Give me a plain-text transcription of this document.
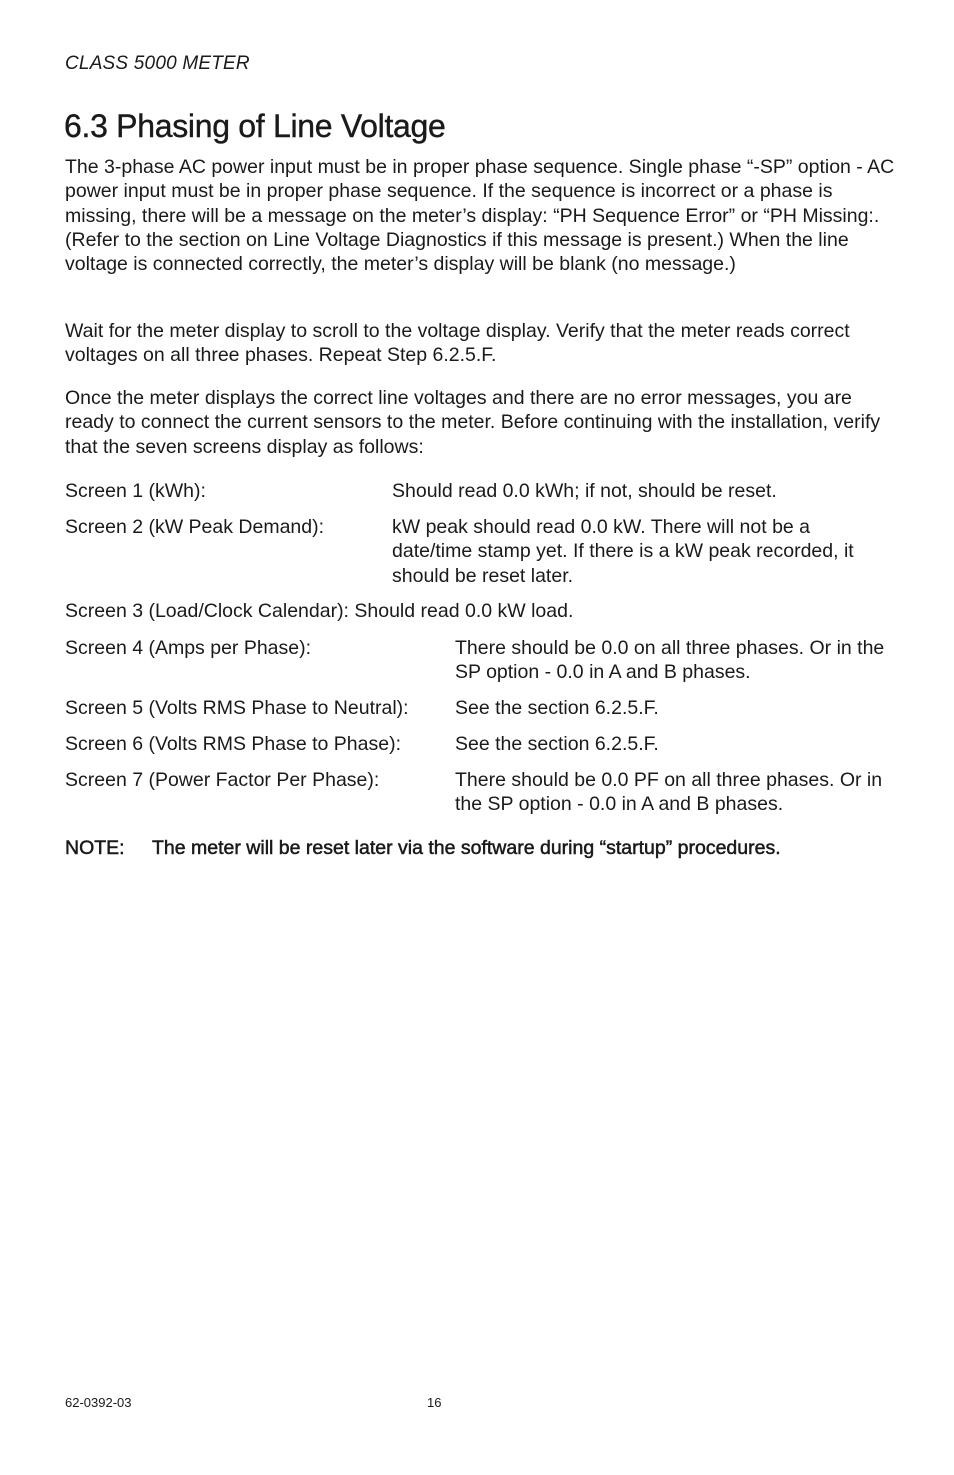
CLASS 5000 METER
6.3 Phasing of Line Voltage

The 3-phase AC power input must be in proper phase sequence. Single phase “-SP” option - AC power input must be in proper phase sequence. If the sequence is incorrect or a phase is missing, there will be a message on the meter’s display: “PH Sequence Error” or “PH Missing:. (Refer to the section on Line Voltage Diagnostics if this message is present.) When the line voltage is connected correctly, the meter’s display will be blank (no message.)

Wait for the meter display to scroll to the voltage display. Verify that the meter reads correct voltages on all three phases. Repeat Step 6.2.5.F.

Once the meter displays the correct line voltages and there are no error messages, you are ready to connect the current sensors to the meter. Before continuing with the installation, verify that the seven screens display as follows:

Screen 1 (kWh):	Should read 0.0 kWh; if not, should be reset.
Screen 2 (kW Peak Demand):	kW peak should read 0.0 kW. There will not be a date/time stamp yet. If there is a kW peak recorded, it should be reset later.
Screen 3 (Load/Clock Calendar): Should read 0.0 kW load.
Screen 4 (Amps per Phase):	There should be 0.0 on all three phases. Or in the SP option - 0.0 in A and B phases.
Screen 5 (Volts RMS Phase to Neutral): See the section 6.2.5.F.
Screen 6 (Volts RMS Phase to Phase):	See the section 6.2.5.F.
Screen 7 (Power Factor Per Phase):	There should be 0.0 PF on all three phases. Or in the SP option - 0.0 in A and B phases.
NOTE: The meter will be reset later via the software during “startup” procedures.
62-0392-03	16
